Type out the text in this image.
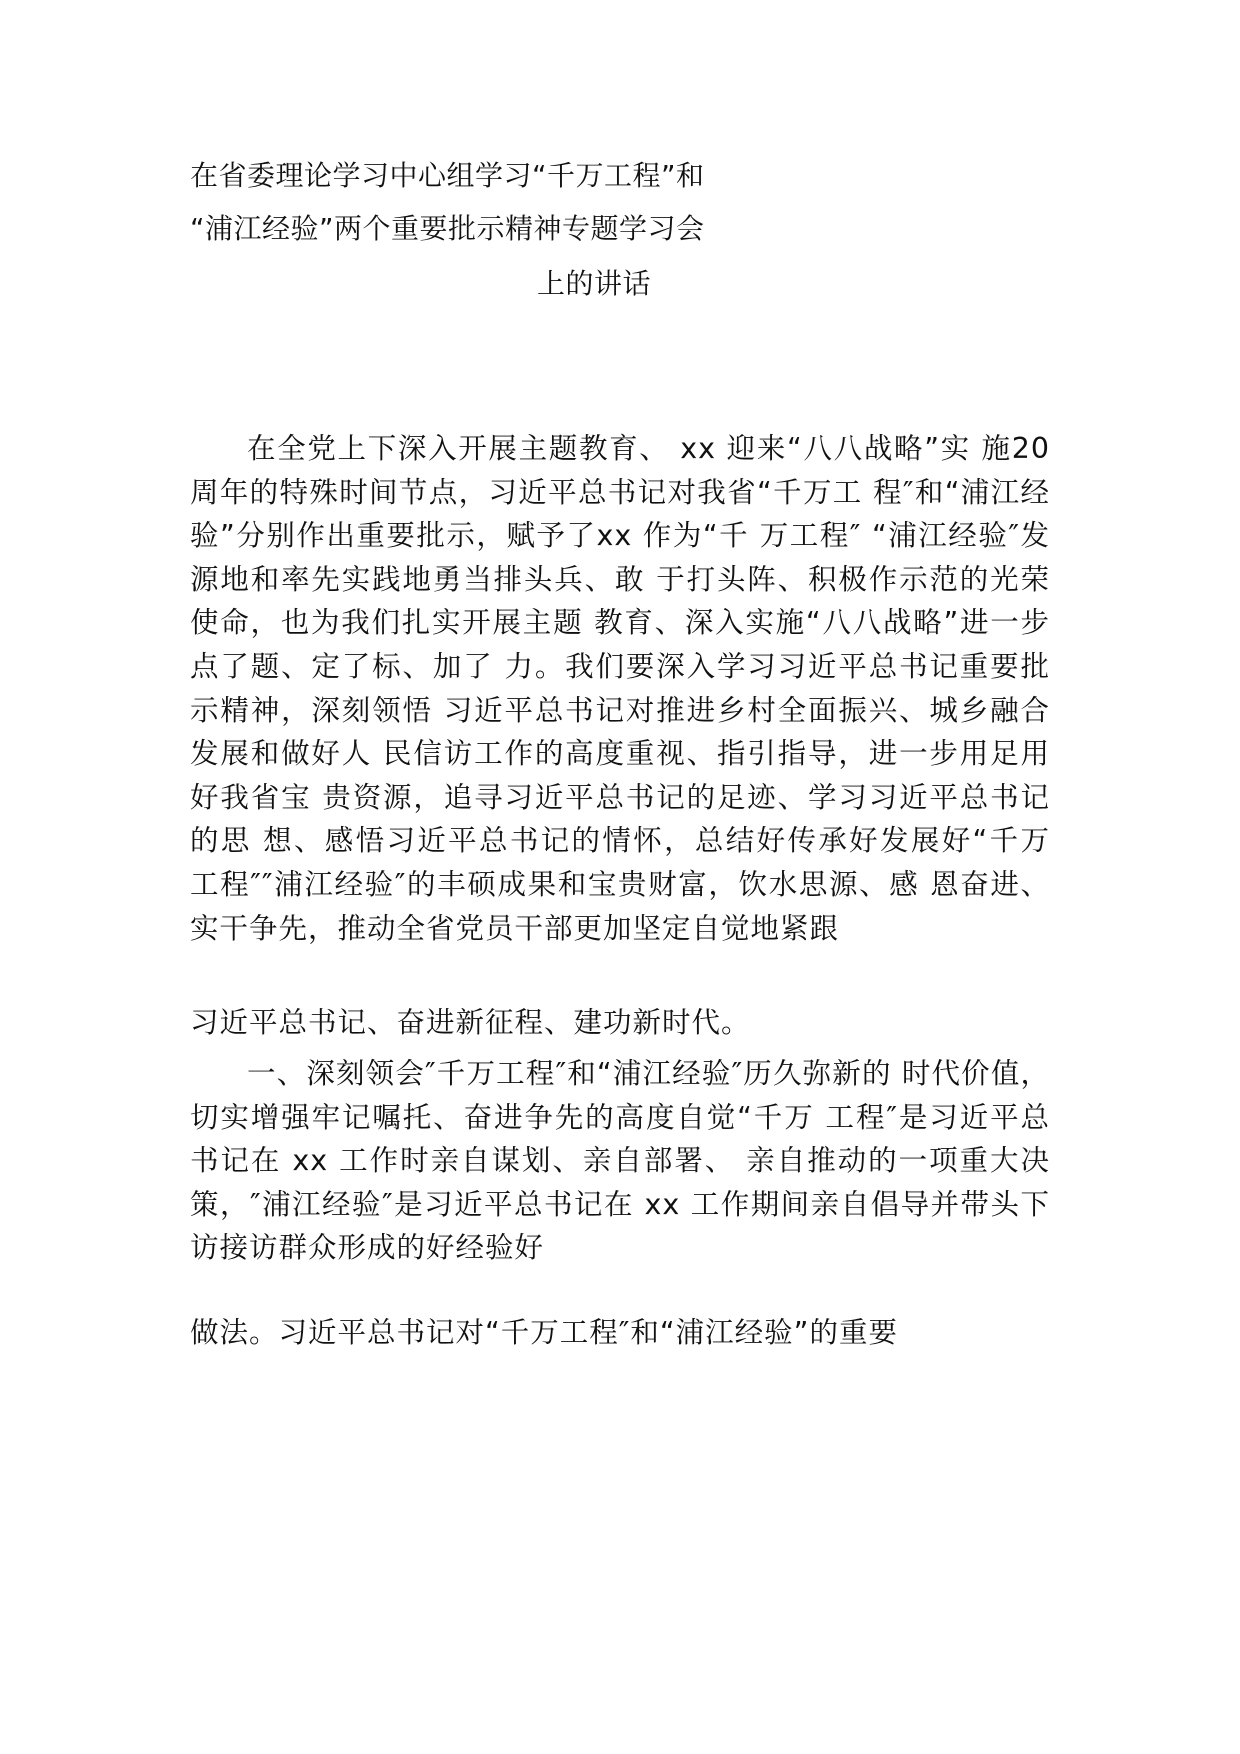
在省委理论学习中心组学习“千万工程”和
“浦江经验”两个重要批示精神专题学习会
上的讲话
在全党上下深入开展主题教育、 xx 迎来“八八战略”实 施20 周年的特殊时间节点，习近平总书记对我省“千万工 程″和“浦江经验”分别作出重要批示，赋予了xx 作为“千 万工程″ “浦江经验″发源地和率先实践地勇当排头兵、敢 于打头阵、积极作示范的光荣使命，也为我们扎实开展主题 教育、深入实施“八八战略”进一步点了题、定了标、加了 力。我们要深入学习习近平总书记重要批示精神，深刻领悟 习近平总书记对推进乡村全面振兴、城乡融合发展和做好人 民信访工作的高度重视、指引指导，进一步用足用好我省宝 贵资源，追寻习近平总书记的足迹、学习习近平总书记的思 想、感悟习近平总书记的情怀，总结好传承好发展好“千万 工程″″浦江经验″的丰硕成果和宝贵财富，饮水思源、感 恩奋进、实干争先，推动全省党员干部更加坚定自觉地紧跟
习近平总书记、奋进新征程、建功新时代。
一、深刻领会″千万工程″和“浦江经验″历久弥新的 时代价值，切实增强牢记嘱托、奋进争先的高度自觉“千万 工程″是习近平总书记在 xx 工作时亲自谋划、亲自部署、 亲自推动的一项重大决策，″浦江经验″是习近平总书记在 xx 工作期间亲自倡导并带头下访接访群众形成的好经验好
做法。习近平总书记对“千万工程″和“浦江经验”的重要
